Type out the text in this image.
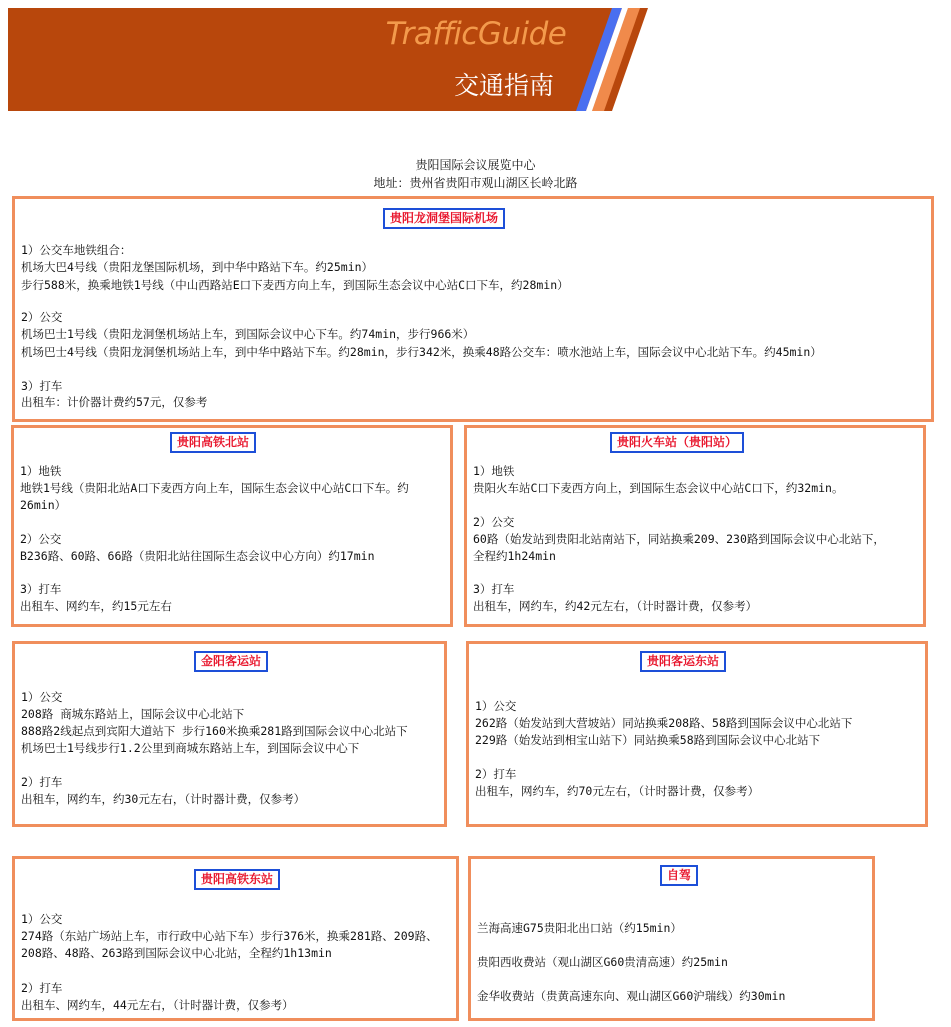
TrafficGuide
交通指南
贵阳国际会议展览中心
地址：贵州省贵阳市观山湖区长岭北路
贵阳龙洞堡国际机场
1）公交车地铁组合：
机场大巴4号线（贵阳龙堡国际机场，到中华中路站下车。约25min）
步行588米，换乘地铁1号线（中山西路站E口下麦西方向上车，到国际生态会议中心站C口下车，约28min）
2）公交
机场巴士1号线（贵阳龙洞堡机场站上车，到国际会议中心下车。约74min，步行966米）
机场巴士4号线（贵阳龙洞堡机场站上车，到中华中路站下车。约28min，步行342米，换乘48路公交车：喷水池站上车，国际会议中心北站下车。约45min）
3）打车
出租车：计价器计费约57元，仅参考
贵阳高铁北站
1）地铁
地铁1号线（贵阳北站A口下麦西方向上车，国际生态会议中心站C口下车。约
26min）
2）公交
B236路、60路、66路（贵阳北站往国际生态会议中心方向）约17min
3）打车
出租车、网约车，约15元左右
贵阳火车站（贵阳站）
1）地铁
贵阳火车站C口下麦西方向上，到国际生态会议中心站C口下，约32min。
2）公交
60路（始发站到贵阳北站南站下，同站换乘209、230路到国际会议中心北站下，
全程约1h24min
3）打车
出租车，网约车，约42元左右，（计时器计费，仅参考）
金阳客运站
1）公交
208路 商城东路站上，国际会议中心北站下
888路2线起点到宾阳大道站下 步行160米换乘281路到国际会议中心北站下
机场巴士1号线步行1.2公里到商城东路站上车，到国际会议中心下
2）打车
出租车，网约车，约30元左右，（计时器计费，仅参考）
贵阳客运东站
1）公交
262路（始发站到大营坡站）同站换乘208路、58路到国际会议中心北站下
229路（始发站到相宝山站下）同站换乘58路到国际会议中心北站下
2）打车
出租车，网约车，约70元左右，（计时器计费，仅参考）
贵阳高铁东站
1）公交
274路（东站广场站上车，市行政中心站下车）步行376米，换乘281路、209路、
208路、48路、263路到国际会议中心北站，全程约1h13min
2）打车
出租车、网约车，44元左右，（计时器计费，仅参考）
自驾
兰海高速G75贵阳北出口站（约15min）
贵阳西收费站（观山湖区G60贵清高速）约25min
金华收费站（贵黄高速东向、观山湖区G60沪瑞线）约30min
